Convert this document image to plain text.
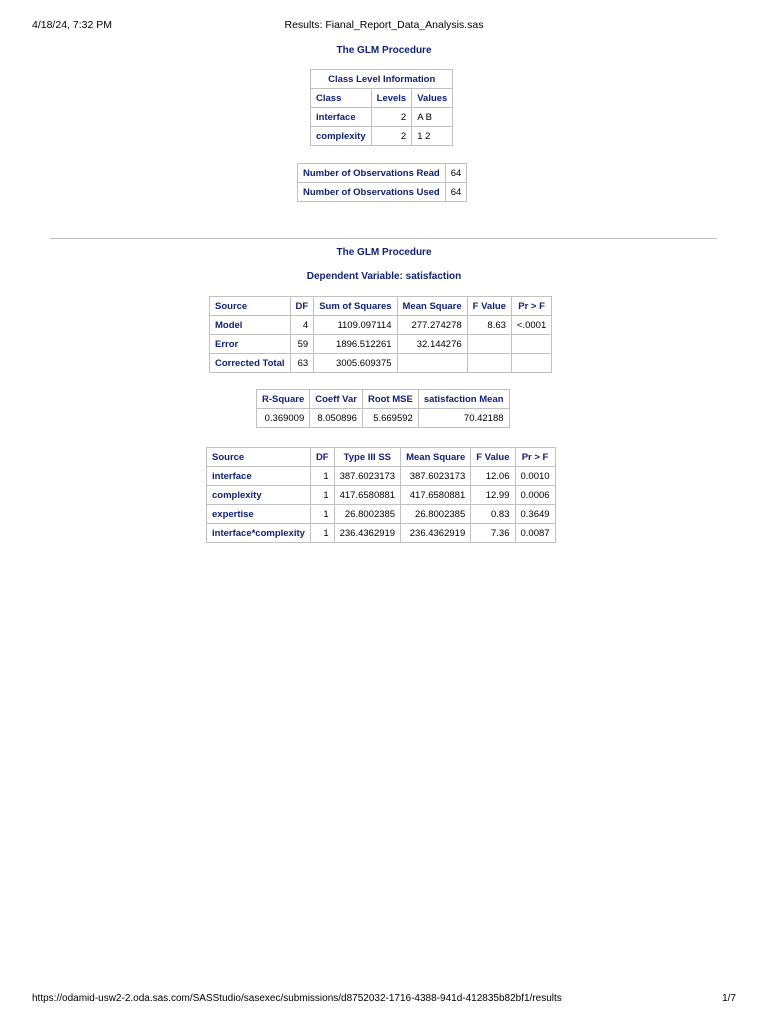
4/18/24, 7:32 PM	Results: Fianal_Report_Data_Analysis.sas
The GLM Procedure
Class Level Information		
Class	Levels	Values
interface	2	A B
complexity	2	1 2
Number of Observations Read	64
Number of Observations Used	64
The GLM Procedure
Dependent Variable: satisfaction
Source	DF	Sum of Squares	Mean Square	F Value	Pr > F
Model	4	1109.097114	277.274278	8.63	<.0001
Error	59	1896.512261	32.144276		
Corrected Total	63	3005.609375			
R-Square	Coeff Var	Root MSE	satisfaction Mean
0.369009	8.050896	5.669592	70.42188
Source	DF	Type III SS	Mean Square	F Value	Pr > F
interface	1	387.6023173	387.6023173	12.06	0.0010
complexity	1	417.6580881	417.6580881	12.99	0.0006
expertise	1	26.8002385	26.8002385	0.83	0.3649
interface*complexity	1	236.4362919	236.4362919	7.36	0.0087
https://odamid-usw2-2.oda.sas.com/SASStudio/sasexec/submissions/d8752032-1716-4388-941d-412835b82bf1/results	1/7
